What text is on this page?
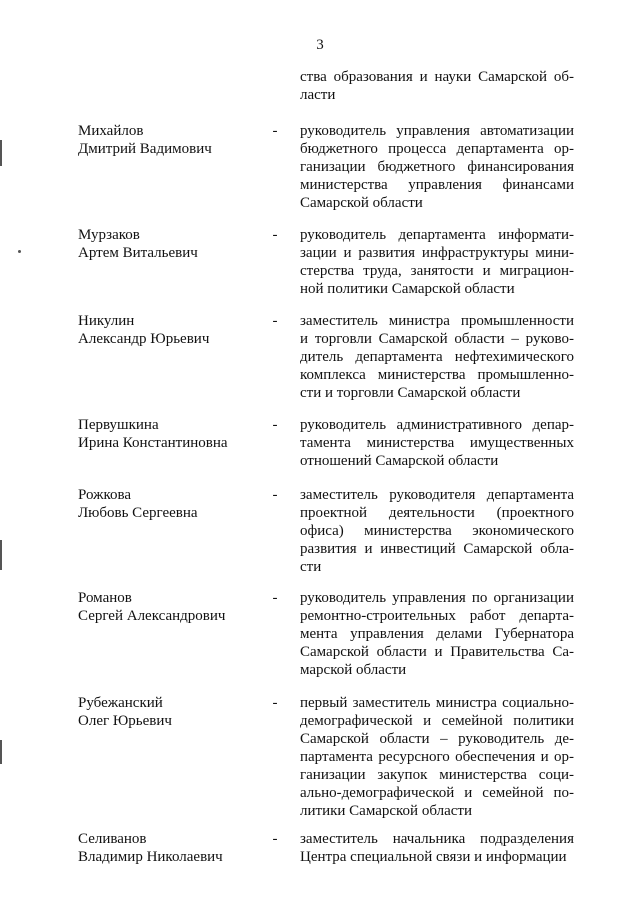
3
ства образования и науки Самарской об-
ласти
Михайлов
Дмитрий Вадимович
- руководитель управления автоматизации
бюджетного процесса департамента ор-
ганизации бюджетного финансирования
министерства управления финансами
Самарской области
Мурзаков
Артем Витальевич
- руководитель департамента информати-
зации и развития инфраструктуры мини-
стерства труда, занятости и миграцион-
ной политики Самарской области
Никулин
Александр Юрьевич
- заместитель министра промышленности
и торговли Самарской области – руково-
дитель департамента нефтехимического
комплекса министерства промышленно-
сти и торговли Самарской области
Первушкина
Ирина Константиновна
- руководитель административного депар-
тамента министерства имущественных
отношений Самарской области
Рожкова
Любовь Сергеевна
- заместитель руководителя департамента
проектной деятельности (проектного
офиса) министерства экономического
развития и инвестиций Самарской обла-
сти
Романов
Сергей Александрович
- руководитель управления по организации
ремонтно-строительных работ департа-
мента управления делами Губернатора
Самарской области и Правительства Са-
марской области
Рубежанский
Олег Юрьевич
- первый заместитель министра социально-
демографической и семейной политики
Самарской области – руководитель де-
партамента ресурсного обеспечения и ор-
ганизации закупок министерства соци-
ально-демографической и семейной по-
литики Самарской области
Селиванов
Владимир Николаевич
- заместитель начальника подразделения
Центра специальной связи и информации
